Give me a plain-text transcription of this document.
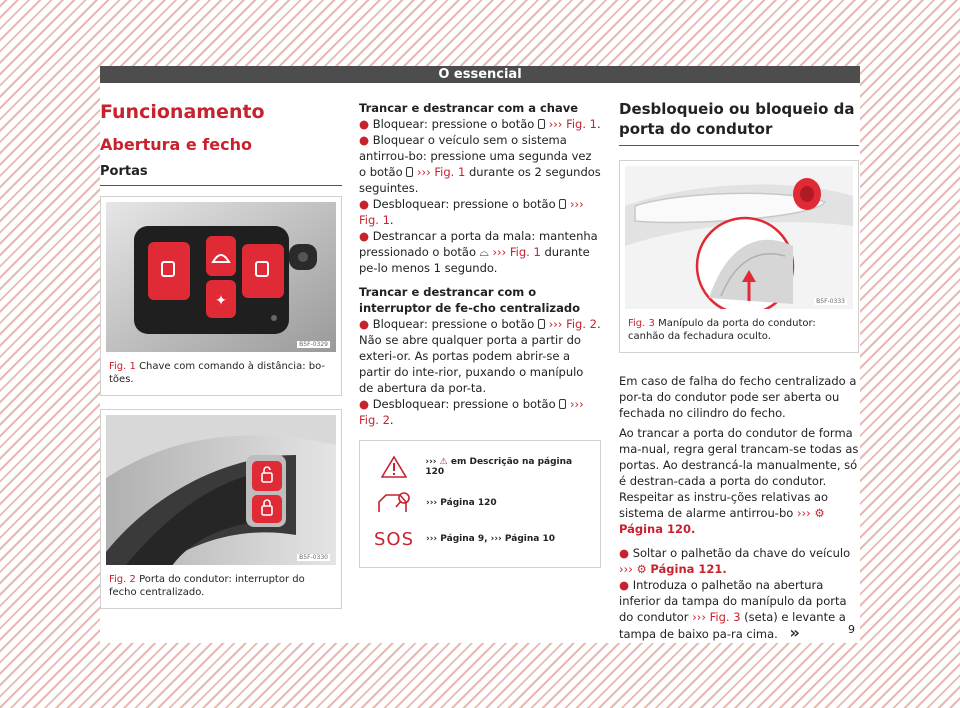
O essencial
Funcionamento
Abertura e fecho
Portas
✦
B5F-0329
Fig. 1 Chave com comando à distância: bo-tões.
B5F-0330
Fig. 2 Porta do condutor: interruptor do fecho centralizado.
Trancar e destrancar com a chave
● Bloquear: pressione o botão ››› Fig. 1.
● Bloquear o veículo sem o sistema antirrou-bo: pressione uma segunda vez o botão ››› Fig. 1 durante os 2 segundos seguintes.
● Desbloquear: pressione o botão ››› Fig. 1.
● Destrancar a porta da mala: mantenha pressionado o botão ⌓ ››› Fig. 1 durante pe-lo menos 1 segundo.
Trancar e destrancar com o interruptor de fe-cho centralizado
● Bloquear: pressione o botão ››› Fig. 2.
Não se abre qualquer porta a partir do exteri-or. As portas podem abrir-se a partir do inte-rior, puxando o manípulo de abertura da por-ta.
● Desbloquear: pressione o botão ››› Fig. 2.
››› ⚠ em Descrição na página 120
››› Página 120
SOS ››› Página 9, ››› Página 10
Desbloqueio ou bloqueio da porta do condutor
B5F-0333
Fig. 3 Manípulo da porta do condutor: canhão da fechadura oculto.
Em caso de falha do fecho centralizado a por-ta do condutor pode ser aberta ou fechada no cilindro do fecho.
Ao trancar a porta do condutor de forma ma-nual, regra geral trancam-se todas as portas. Ao destrancá-la manualmente, só é destran-cada a porta do condutor. Respeitar as instru-ções relativas ao sistema de alarme antirrou-bo ››› ⚙ Página 120.
● Soltar o palhetão da chave do veículo
››› ⚙ Página 121.
● Introduza o palhetão na abertura inferior da tampa do manípulo da porta do condutor ››› Fig. 3 (seta) e levante a tampa de baixo pa-ra cima. »	9
